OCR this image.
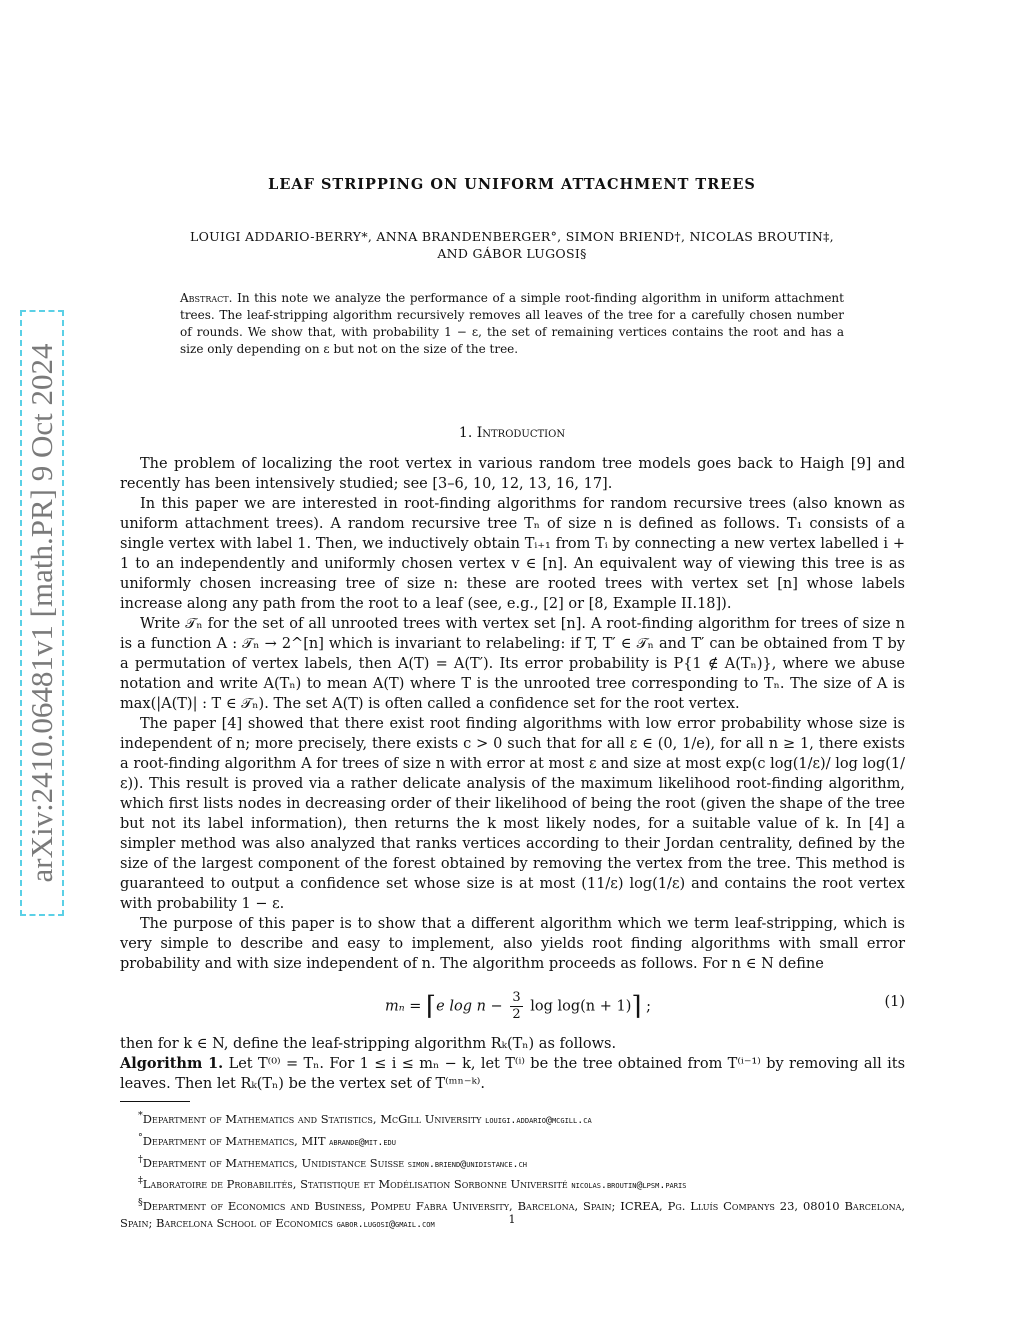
arXiv:2410.06481v1 [math.PR] 9 Oct 2024
LEAF STRIPPING ON UNIFORM ATTACHMENT TREES
LOUIGI ADDARIO-BERRY*, ANNA BRANDENBERGER°, SIMON BRIEND†, NICOLAS BROUTIN‡,
AND GÁBOR LUGOSI§
Abstract. In this note we analyze the performance of a simple root-finding algorithm in uniform attachment trees. The leaf-stripping algorithm recursively removes all leaves of the tree for a carefully chosen number of rounds. We show that, with probability 1 − ε, the set of remaining vertices contains the root and has a size only depending on ε but not on the size of the tree.
1. Introduction

The problem of localizing the root vertex in various random tree models goes back to Haigh [9] and recently has been intensively studied; see [3–6, 10, 12, 13, 16, 17].

In this paper we are interested in root-finding algorithms for random recursive trees (also known as uniform attachment trees). A random recursive tree Tₙ of size n is defined as follows. T₁ consists of a single vertex with label 1. Then, we inductively obtain Tᵢ₊₁ from Tᵢ by connecting a new vertex labelled i + 1 to an independently and uniformly chosen vertex v ∈ [n]. An equivalent way of viewing this tree is as uniformly chosen increasing tree of size n: these are rooted trees with vertex set [n] whose labels increase along any path from the root to a leaf (see, e.g., [2] or [8, Example II.18]).

Write 𝒯ₙ for the set of all unrooted trees with vertex set [n]. A root-finding algorithm for trees of size n is a function A : 𝒯ₙ → 2^[n] which is invariant to relabeling: if T, T′ ∈ 𝒯ₙ and T′ can be obtained from T by a permutation of vertex labels, then A(T) = A(T′). Its error probability is P{1 ∉ A(Tₙ)}, where we abuse notation and write A(Tₙ) to mean A(T) where T is the unrooted tree corresponding to Tₙ. The size of A is max(|A(T)| : T ∈ 𝒯ₙ). The set A(T) is often called a confidence set for the root vertex.

The paper [4] showed that there exist root finding algorithms with low error probability whose size is independent of n; more precisely, there exists c > 0 such that for all ε ∈ (0, 1/e), for all n ≥ 1, there exists a root-finding algorithm A for trees of size n with error at most ε and size at most exp(c log(1/ε)/ log log(1/ε)). This result is proved via a rather delicate analysis of the maximum likelihood root-finding algorithm, which first lists nodes in decreasing order of their likelihood of being the root (given the shape of the tree but not its label information), then returns the k most likely nodes, for a suitable value of k. In [4] a simpler method was also analyzed that ranks vertices according to their Jordan centrality, defined by the size of the largest component of the forest obtained by removing the vertex from the tree. This method is guaranteed to output a confidence set whose size is at most (11/ε) log(1/ε) and contains the root vertex with probability 1 − ε.

The purpose of this paper is to show that a different algorithm which we term leaf-stripping, which is very simple to describe and easy to implement, also yields root finding algorithms with small error probability and with size independent of n. The algorithm proceeds as follows. For n ∈ N define

mₙ = ⌈e $\log n - \frac{3}{2}$ log log(n + 1)⌉ ;	(1)

then for k ∈ N, define the leaf-stripping algorithm Rₖ(Tₙ) as follows.

Algorithm 1. Let T⁽⁰⁾ = Tₙ. For 1 ≤ i ≤ mₙ − k, let T⁽ⁱ⁾ be the tree obtained from T⁽ⁱ⁻¹⁾ by removing all its leaves. Then let Rₖ(Tₙ) be the vertex set of T⁽ᵐⁿ⁻ᵏ⁾.

*Department of Mathematics and Statistics, McGill University louigi.addario@mcgill.ca

°Department of Mathematics, MIT abrande@mit.edu

†Department of Mathematics, Unidistance Suisse simon.briend@unidistance.ch

‡Laboratoire de Probabilités, Statistique et Modélisation Sorbonne Université nicolas.broutin@lpsm.paris

§Department of Economics and Business, Pompeu Fabra University, Barcelona, Spain; ICREA, Pg. Lluís Companys 23, 08010 Barcelona, Spain; Barcelona School of Economics gabor.lugosi@gmail.com	1
